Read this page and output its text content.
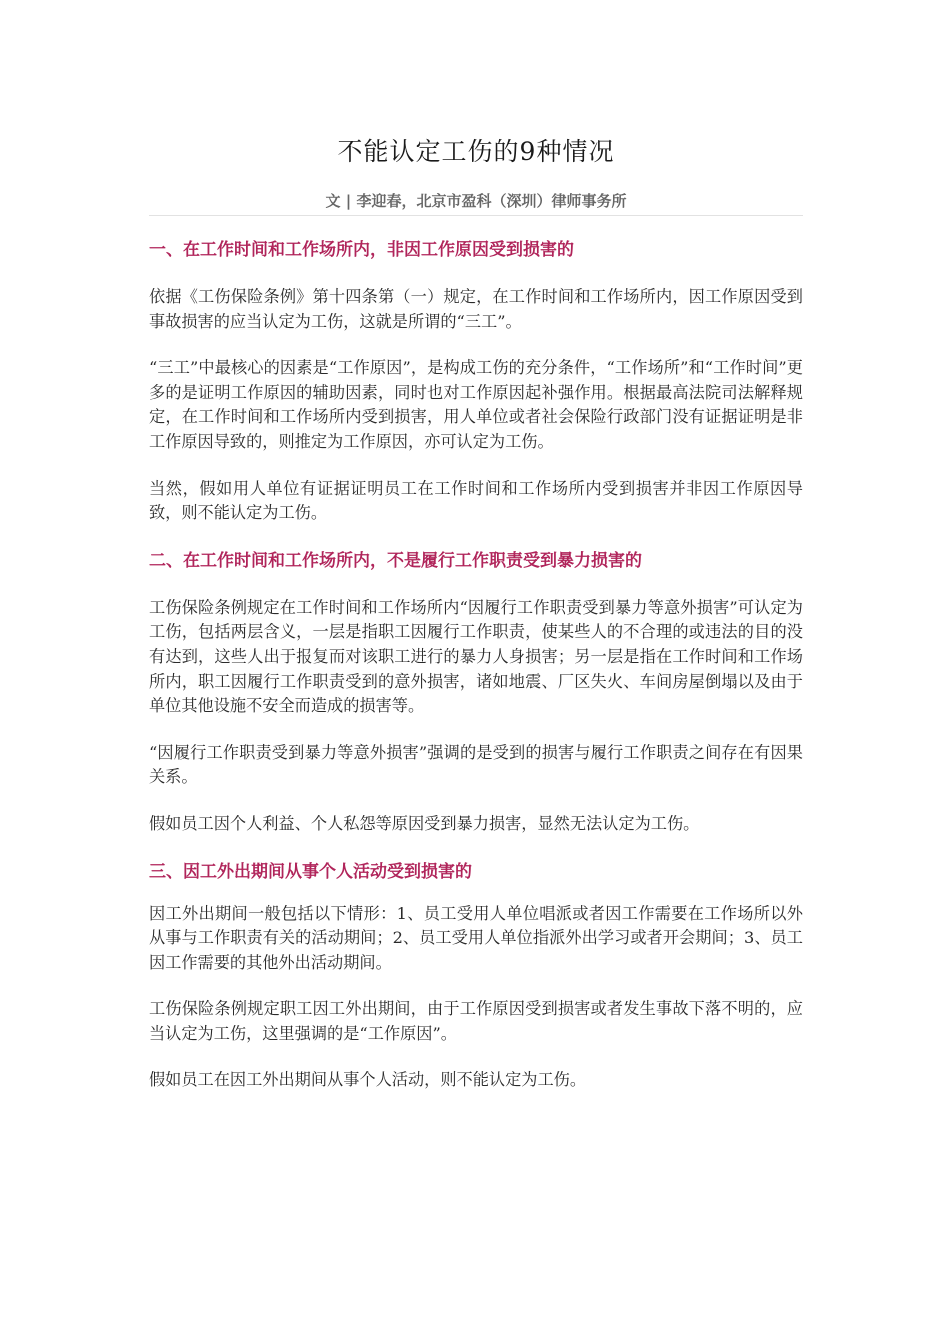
不能认定工伤的9种情况
文 | 李迎春，北京市盈科（深圳）律师事务所
一、在工作时间和工作场所内，非因工作原因受到损害的

依据《工伤保险条例》第十四条第（一）规定，在工作时间和工作场所内，因工作原因受到事故损害的应当认定为工伤，这就是所谓的“三工”。

“三工”中最核心的因素是“工作原因”，是构成工伤的充分条件，“工作场所”和“工作时间”更多的是证明工作原因的辅助因素，同时也对工作原因起补强作用。根据最高法院司法解释规定，在工作时间和工作场所内受到损害，用人单位或者社会保险行政部门没有证据证明是非工作原因导致的，则推定为工作原因，亦可认定为工伤。

当然，假如用人单位有证据证明员工在工作时间和工作场所内受到损害并非因工作原因导致，则不能认定为工伤。

二、在工作时间和工作场所内，不是履行工作职责受到暴力损害的

工伤保险条例规定在工作时间和工作场所内“因履行工作职责受到暴力等意外损害”可认定为工伤，包括两层含义，一层是指职工因履行工作职责，使某些人的不合理的或违法的目的没有达到，这些人出于报复而对该职工进行的暴力人身损害；另一层是指在工作时间和工作场所内，职工因履行工作职责受到的意外损害，诸如地震、厂区失火、车间房屋倒塌以及由于单位其他设施不安全而造成的损害等。

“因履行工作职责受到暴力等意外损害”强调的是受到的损害与履行工作职责之间存在有因果关系。

假如员工因个人利益、个人私怨等原因受到暴力损害，显然无法认定为工伤。

三、因工外出期间从事个人活动受到损害的

因工外出期间一般包括以下情形：1、员工受用人单位唱派或者因工作需要在工作场所以外从事与工作职责有关的活动期间；2、员工受用人单位指派外出学习或者开会期间；3、员工因工作需要的其他外出活动期间。

工伤保险条例规定职工因工外出期间，由于工作原因受到损害或者发生事故下落不明的，应当认定为工伤，这里强调的是“工作原因”。

假如员工在因工外出期间从事个人活动，则不能认定为工伤。
